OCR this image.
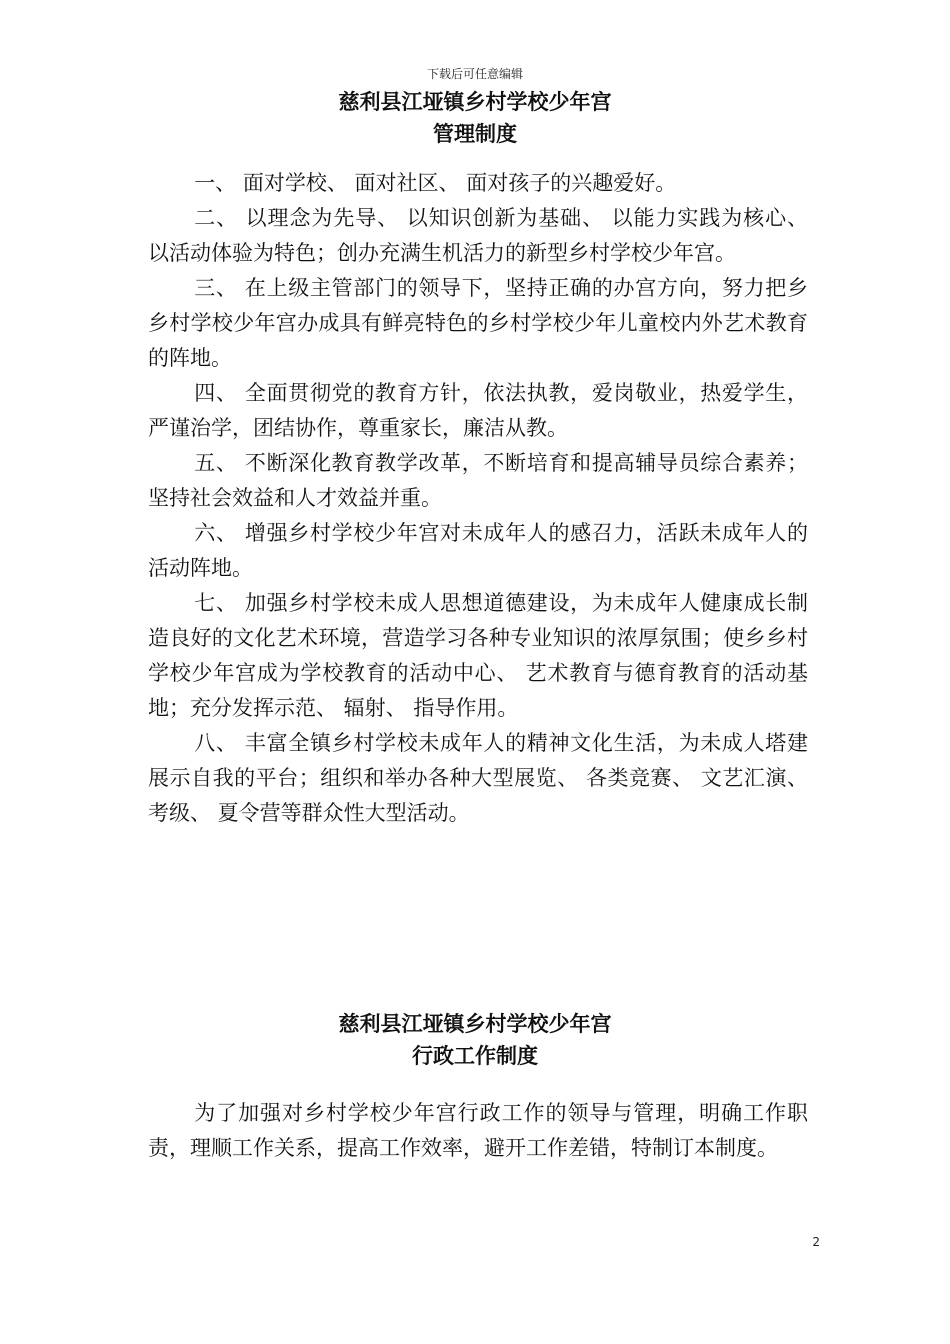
下载后可任意编辑
慈利县江垭镇乡村学校少年宫
管理制度

一、 面对学校、 面对社区、 面对孩子的兴趣爱好。

二、 以理念为先导、 以知识创新为基础、 以能力实践为核心、 以活动体验为特色；创办充满生机活力的新型乡村学校少年宫。

三、 在上级主管部门的领导下，坚持正确的办宫方向，努力把乡乡村学校少年宫办成具有鲜亮特色的乡村学校少年儿童校内外艺术教育的阵地。

四、 全面贯彻党的教育方针，依法执教，爱岗敬业，热爱学生，严谨治学，团结协作，尊重家长，廉洁从教。

五、 不断深化教育教学改革，不断培育和提高辅导员综合素养；坚持社会效益和人才效益并重。

六、 增强乡村学校少年宫对未成年人的感召力，活跃未成年人的活动阵地。

七、 加强乡村学校未成人思想道德建设，为未成年人健康成长制造良好的文化艺术环境，营造学习各种专业知识的浓厚氛围；使乡乡村学校少年宫成为学校教育的活动中心、 艺术教育与德育教育的活动基地；充分发挥示范、 辐射、 指导作用。

八、 丰富全镇乡村学校未成年人的精神文化生活，为未成人塔建展示自我的平台；组织和举办各种大型展览、 各类竞赛、 文艺汇演、 考级、 夏令营等群众性大型活动。

慈利县江垭镇乡村学校少年宫
行政工作制度

为了加强对乡村学校少年宫行政工作的领导与管理，明确工作职责，理顺工作关系，提高工作效率，避开工作差错，特制订本制度。

2
